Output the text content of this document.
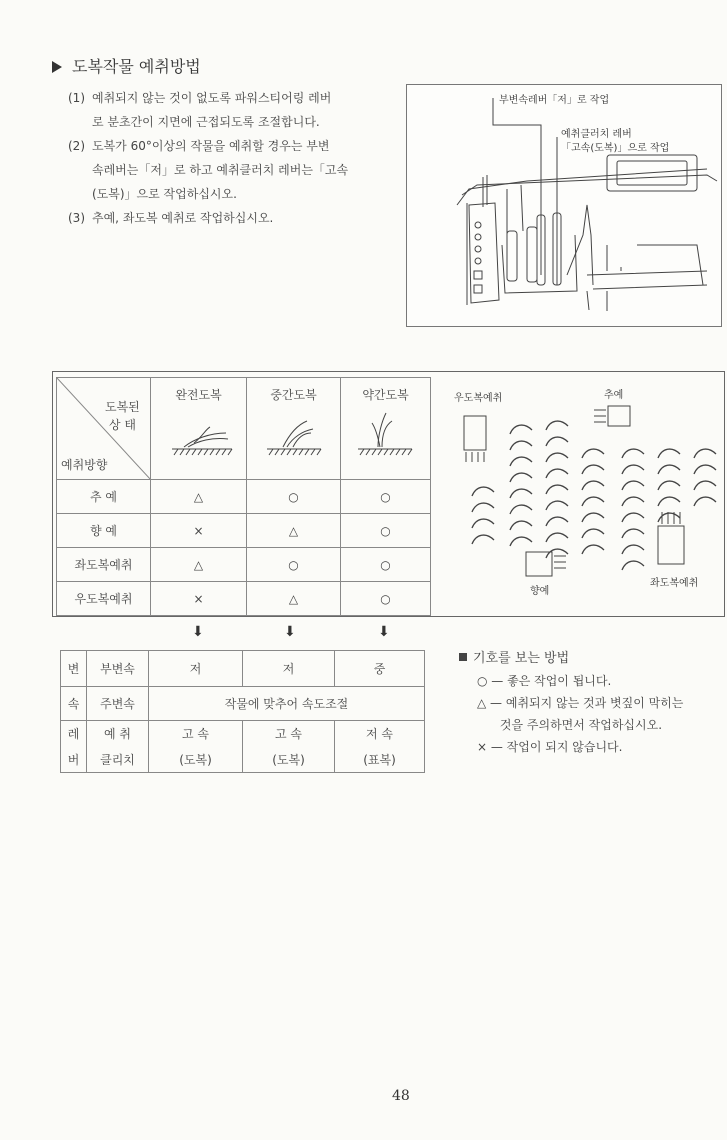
도복작물 예취방법
(1) 예취되지 않는 것이 없도록 파워스티어링 레버
로 분초간이 지면에 근접되도록 조절합니다.
(2) 도복가 60°이상의 작물을 예취할 경우는 부변
속레버는「저」로 하고 예취클러치 레버는「고속
(도복)」으로 작업하십시오.
(3) 추예, 좌도복 예취로 작업하십시오.
부변속레버「저」로 작업
예취클러치 레버
「고속(도복)」으로 작업
도복된
상 태
예취방향	완전도복	중간도복	약간도복

추 예	△	○	○
향 예	×	△	○
좌도복예취	△	○	○
우도복예취	×	△	○
우도복예취	추예
향예
좌도복예취
⬇	⬇	⬇
변	부변속	저	저	중
속	주변속	작물에 맞추어 속도조절		
레	예 취	고 속	고 속	저 속
버	클리치	(도복)	(도복)	(표복)
기호를 보는 방법
○ — 좋은 작업이 됩니다.
△ — 예취되지 않는 것과 볏짚이 막히는
것을 주의하면서 작업하십시오.
× — 작업이 되지 않습니다.
48
